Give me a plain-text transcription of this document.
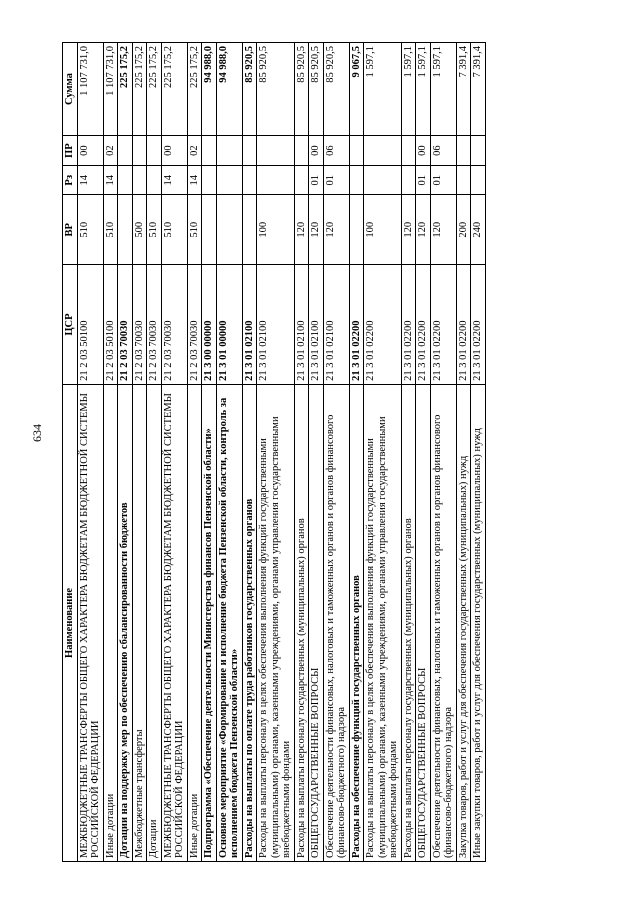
634
Наименование	ЦСР	ВР	Рз	ПР	Сумма
МЕЖБЮДЖЕТНЫЕ ТРАНСФЕРТЫ ОБЩЕГО ХАРАКТЕРА БЮДЖЕТАМ БЮДЖЕТНОЙ СИСТЕМЫ РОССИЙСКОЙ ФЕДЕРАЦИИ	21 2 03 50100	510	14	00	1 107 731,0
Иные дотации	21 2 03 50100	510	14	02	1 107 731,0
Дотации на поддержку мер по обеспечению сбалансированности бюджетов	21 2 03 70030				225 175,2
Межбюджетные трансферты	21 2 03 70030	500			225 175,2
Дотации	21 2 03 70030	510			225 175,2
МЕЖБЮДЖЕТНЫЕ ТРАНСФЕРТЫ ОБЩЕГО ХАРАКТЕРА БЮДЖЕТАМ БЮДЖЕТНОЙ СИСТЕМЫ РОССИЙСКОЙ ФЕДЕРАЦИИ	21 2 03 70030	510	14	00	225 175,2
Иные дотации	21 2 03 70030	510	14	02	225 175,2
Подпрограмма «Обеспечение деятельности Министерства финансов Пензенской области»	21 3 00 00000				94 988,0
Основное мероприятие «Формирование и исполнение бюджета Пензенской области, контроль за исполнением бюджета Пензенской области»	21 3 01 00000				94 988,0
Расходы на выплаты по оплате труда работников государственных органов	21 3 01 02100				85 920,5
Расходы на выплаты персоналу в целях обеспечения выполнения функций государственными (муниципальными) органами, казенными учреждениями, органами управления государственными внебюджетными фондами	21 3 01 02100	100			85 920,5
Расходы на выплаты персоналу государственных (муниципальных) органов	21 3 01 02100	120			85 920,5
ОБЩЕГОСУДАРСТВЕННЫЕ ВОПРОСЫ	21 3 01 02100	120	01	00	85 920,5
Обеспечение деятельности финансовых, налоговых и таможенных органов и органов финансового (финансово-бюджетного) надзора	21 3 01 02100	120	01	06	85 920,5
Расходы на обеспечение функций государственных органов	21 3 01 02200				9 067,5
Расходы на выплаты персоналу в целях обеспечения выполнения функций государственными (муниципальными) органами, казенными учреждениями, органами управления государственными внебюджетными фондами	21 3 01 02200	100			1 597,1
Расходы на выплаты персоналу государственных (муниципальных) органов	21 3 01 02200	120			1 597,1
ОБЩЕГОСУДАРСТВЕННЫЕ ВОПРОСЫ	21 3 01 02200	120	01	00	1 597,1
Обеспечение деятельности финансовых, налоговых и таможенных органов и органов финансового (финансово-бюджетного) надзора	21 3 01 02200	120	01	06	1 597,1
Закупка товаров, работ и услуг для обеспечения государственных (муниципальных) нужд	21 3 01 02200	200			7 391,4
Иные закупки товаров, работ и услуг для обеспечения государственных (муниципальных) нужд	21 3 01 02200	240			7 391,4
